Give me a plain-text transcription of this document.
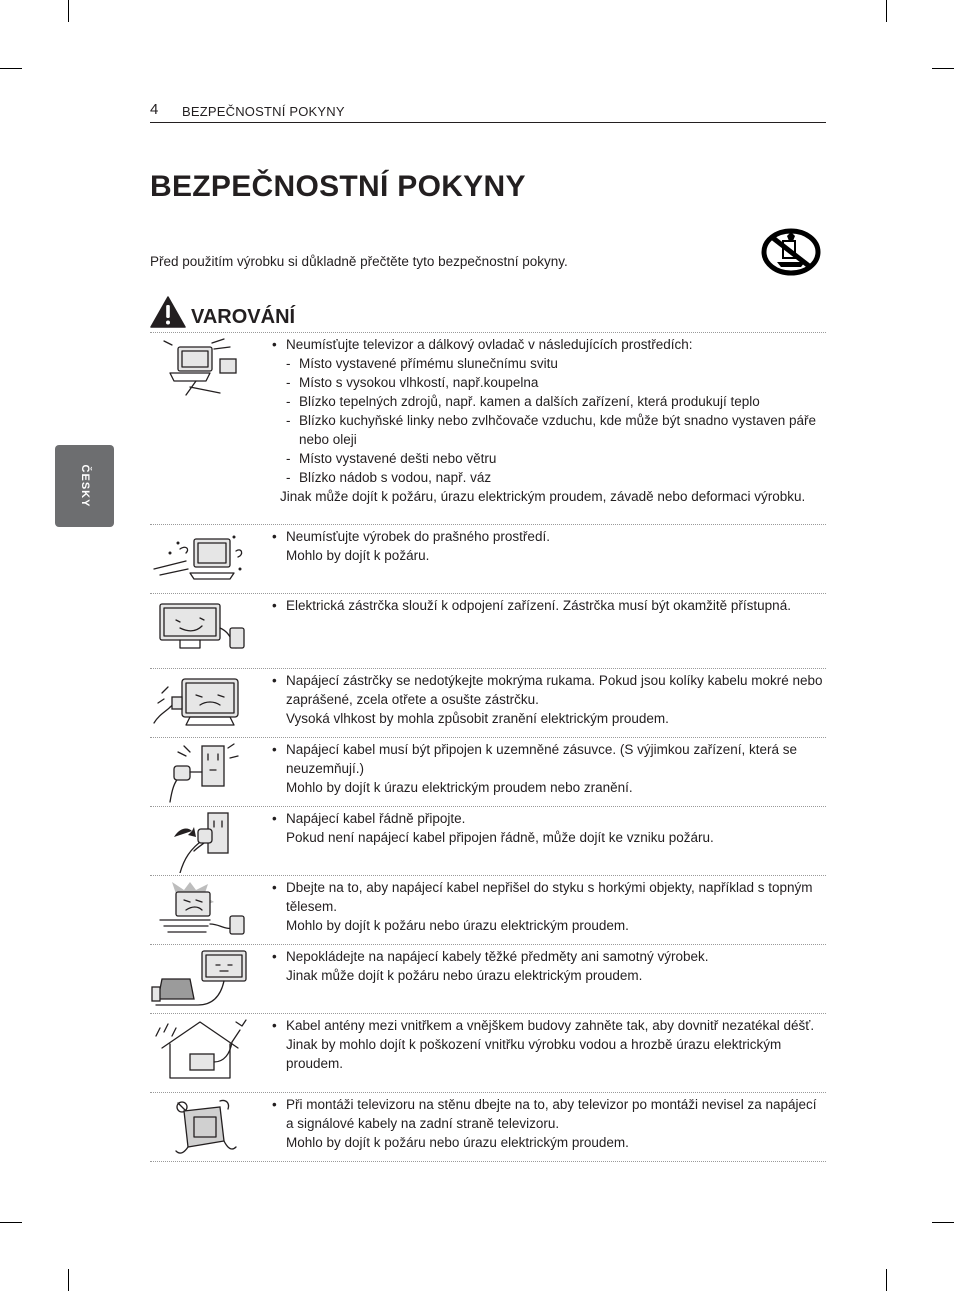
4 BEZPEČNOSTNÍ POKYNY
BEZPEČNOSTNÍ POKYNY

Před použitím výrobku si důkladně přečtěte tyto bezpečnostní pokyny.

VAROVÁNÍ
ČESKY
• Neumísťujte televizor a dálkový ovladač v následujících prostředích:
- Místo vystavené přímému slunečnímu svitu
- Místo s vysokou vlhkostí, např.koupelna
- Blízko tepelných zdrojů, např. kamen a dalších zařízení, která produkují teplo
- Blízko kuchyňské linky nebo zvlhčovače vzduchu, kde může být snadno vystaven páře nebo oleji
- Místo vystavené dešti nebo větru
- Blízko nádob s vodou, např. váz
Jinak může dojít k požáru, úrazu elektrickým proudem, závadě nebo deformaci výrobku.
• Neumísťujte výrobek do prašného prostředí.
Mohlo by dojít k požáru.
• Elektrická zástrčka slouží k odpojení zařízení. Zástrčka musí být okamžitě přístupná.
• Napájecí zástrčky se nedotýkejte mokrýma rukama. Pokud jsou kolíky kabelu mokré nebo zaprášené, zcela otřete a osušte zástrčku.
Vysoká vlhkost by mohla způsobit zranění elektrickým proudem.
• Napájecí kabel musí být připojen k uzemněné zásuvce. (S výjimkou zařízení, která se neuzemňují.)
Mohlo by dojít k úrazu elektrickým proudem nebo zranění.
• Napájecí kabel řádně připojte.
Pokud není napájecí kabel připojen řádně, může dojít ke vzniku požáru.
• Dbejte na to, aby napájecí kabel nepřišel do styku s horkými objekty, například s topným tělesem.
Mohlo by dojít k požáru nebo úrazu elektrickým proudem.
• Nepokládejte na napájecí kabely těžké předměty ani samotný výrobek.
Jinak může dojít k požáru nebo úrazu elektrickým proudem.
• Kabel antény mezi vnitřkem a vnějškem budovy zahněte tak, aby dovnitř nezatékal déšť.
Jinak by mohlo dojít k poškození vnitřku výrobku vodou a hrozbě úrazu elektrickým proudem.
• Při montáži televizoru na stěnu dbejte na to, aby televizor po montáži nevisel za napájecí a signálové kabely na zadní straně televizoru.
Mohlo by dojít k požáru nebo úrazu elektrickým proudem.
